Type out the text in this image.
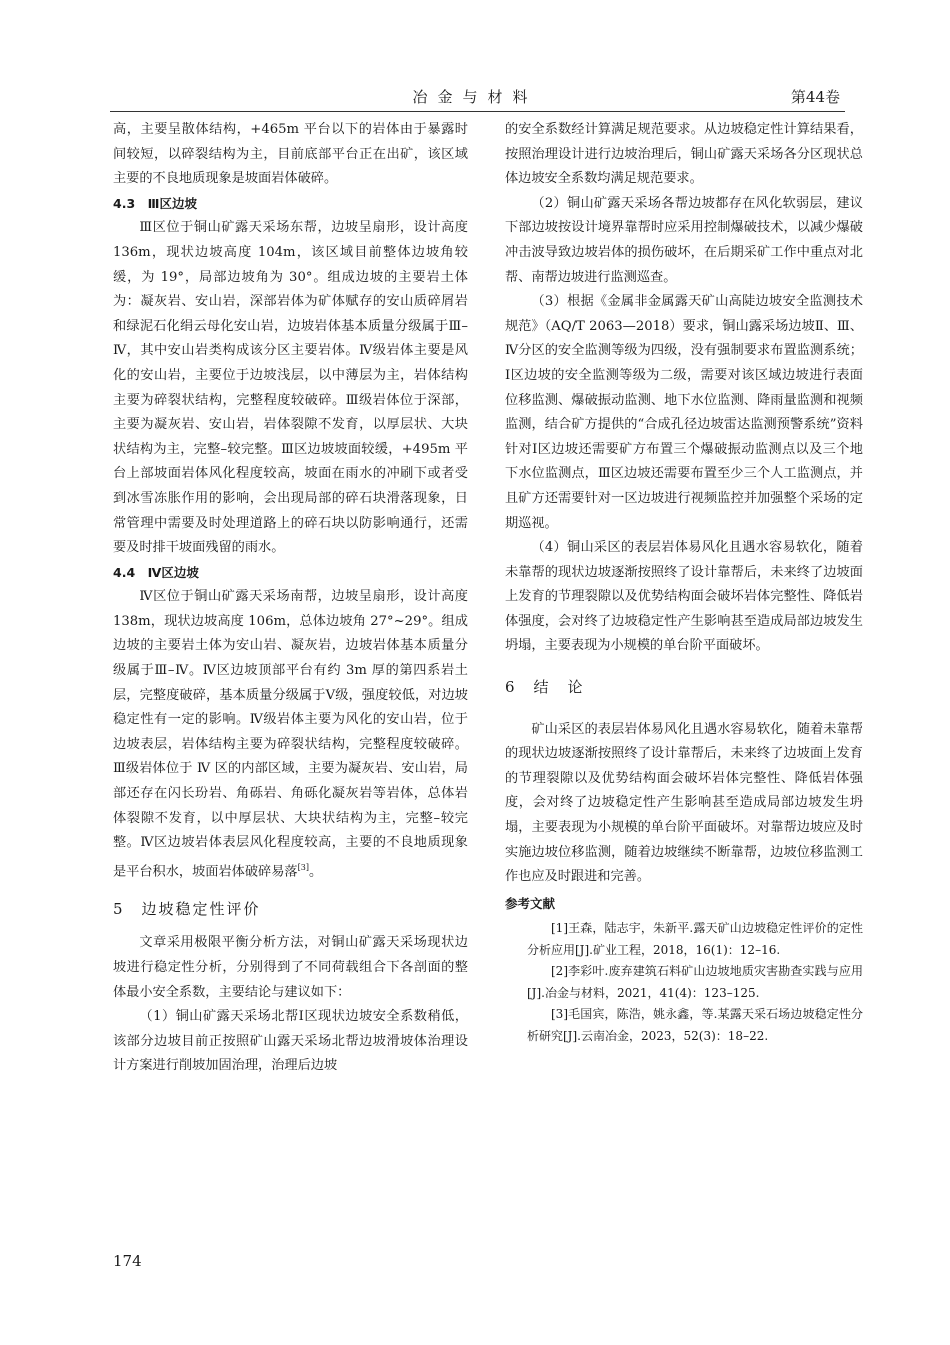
冶金与材料	第44卷

高，主要呈散体结构，+465m 平台以下的岩体由于暴露时间较短，以碎裂结构为主，目前底部平台正在出矿，该区域主要的不良地质现象是坡面岩体破碎。

4.3　Ⅲ区边坡

Ⅲ区位于铜山矿露天采场东帮，边坡呈扇形，设计高度 136m，现状边坡高度 104m，该区域目前整体边坡角较缓，为 19°，局部边坡角为 30°。组成边坡的主要岩土体为：凝灰岩、安山岩，深部岩体为矿体赋存的安山质碎屑岩和绿泥石化绢云母化安山岩，边坡岩体基本质量分级属于Ⅲ–Ⅳ，其中安山岩类构成该分区主要岩体。Ⅳ级岩体主要是风化的安山岩，主要位于边坡浅层，以中薄层为主，岩体结构主要为碎裂状结构，完整程度较破碎。Ⅲ级岩体位于深部，主要为凝灰岩、安山岩，岩体裂隙不发育，以厚层状、大块状结构为主，完整–较完整。Ⅲ区边坡坡面较缓，+495m 平台上部坡面岩体风化程度较高，坡面在雨水的冲刷下或者受到冰雪冻胀作用的影响，会出现局部的碎石块滑落现象，日常管理中需要及时处理道路上的碎石块以防影响通行，还需要及时排干坡面残留的雨水。

4.4　Ⅳ区边坡

Ⅳ区位于铜山矿露天采场南帮，边坡呈扇形，设计高度 138m，现状边坡高度 106m，总体边坡角 27°~29°。组成边坡的主要岩土体为安山岩、凝灰岩，边坡岩体基本质量分级属于Ⅲ–Ⅳ。Ⅳ区边坡顶部平台有约 3m 厚的第四系岩土层，完整度破碎，基本质量分级属于Ⅴ级，强度较低，对边坡稳定性有一定的影响。Ⅳ级岩体主要为风化的安山岩，位于边坡表层，岩体结构主要为碎裂状结构，完整程度较破碎。Ⅲ级岩体位于 Ⅳ 区的内部区域，主要为凝灰岩、安山岩，局部还存在闪长玢岩、角砾岩、角砾化凝灰岩等岩体，总体岩体裂隙不发育，以中厚层状、大块状结构为主，完整–较完整。Ⅳ区边坡岩体表层风化程度较高，主要的不良地质现象是平台积水，坡面岩体破碎易落[3]。

5　边坡稳定性评价

文章采用极限平衡分析方法，对铜山矿露天采场现状边坡进行稳定性分析，分别得到了不同荷载组合下各剖面的整体最小安全系数，主要结论与建议如下：

（1）铜山矿露天采场北帮Ⅰ区现状边坡安全系数稍低，该部分边坡目前正按照矿山露天采场北帮边坡滑坡体治理设计方案进行削坡加固治理，治理后边坡

的安全系数经计算满足规范要求。从边坡稳定性计算结果看，按照治理设计进行边坡治理后，铜山矿露天采场各分区现状总体边坡安全系数均满足规范要求。

（2）铜山矿露天采场各帮边坡都存在风化软弱层，建议下部边坡按设计境界靠帮时应采用控制爆破技术，以减少爆破冲击波导致边坡岩体的损伤破坏，在后期采矿工作中重点对北帮、南帮边坡进行监测巡查。

（3）根据《金属非金属露天矿山高陡边坡安全监测技术规范》（AQ/T 2063—2018）要求，铜山露采场边坡Ⅱ、Ⅲ、Ⅳ分区的安全监测等级为四级，没有强制要求布置监测系统；Ⅰ区边坡的安全监测等级为二级，需要对该区域边坡进行表面位移监测、爆破振动监测、地下水位监测、降雨量监测和视频监测，结合矿方提供的“合成孔径边坡雷达监测预警系统”资料针对Ⅰ区边坡还需要矿方布置三个爆破振动监测点以及三个地下水位监测点，Ⅲ区边坡还需要布置至少三个人工监测点，并且矿方还需要针对一区边坡进行视频监控并加强整个采场的定期巡视。

（4）铜山采区的表层岩体易风化且遇水容易软化，随着未靠帮的现状边坡逐渐按照终了设计靠帮后，未来终了边坡面上发育的节理裂隙以及优势结构面会破坏岩体完整性、降低岩体强度，会对终了边坡稳定性产生影响甚至造成局部边坡发生坍塌，主要表现为小规模的单台阶平面破坏。

6　结　论

矿山采区的表层岩体易风化且遇水容易软化，随着未靠帮的现状边坡逐渐按照终了设计靠帮后，未来终了边坡面上发育的节理裂隙以及优势结构面会破坏岩体完整性、降低岩体强度，会对终了边坡稳定性产生影响甚至造成局部边坡发生坍塌，主要表现为小规模的单台阶平面破坏。对靠帮边坡应及时实施边坡位移监测，随着边坡继续不断靠帮，边坡位移监测工作也应及时跟进和完善。

参考文献

[1]王森，陆志宇，朱新平.露天矿山边坡稳定性评价的定性分析应用[J].矿业工程，2018，16(1)：12–16.

[2]李彩叶.废弃建筑石料矿山边坡地质灾害勘查实践与应用[J].冶金与材料，2021，41(4)：123–125.

[3]毛国宾，陈浩，姚永鑫，等.某露天采石场边坡稳定性分析研究[J].云南冶金，2023，52(3)：18–22.

174
